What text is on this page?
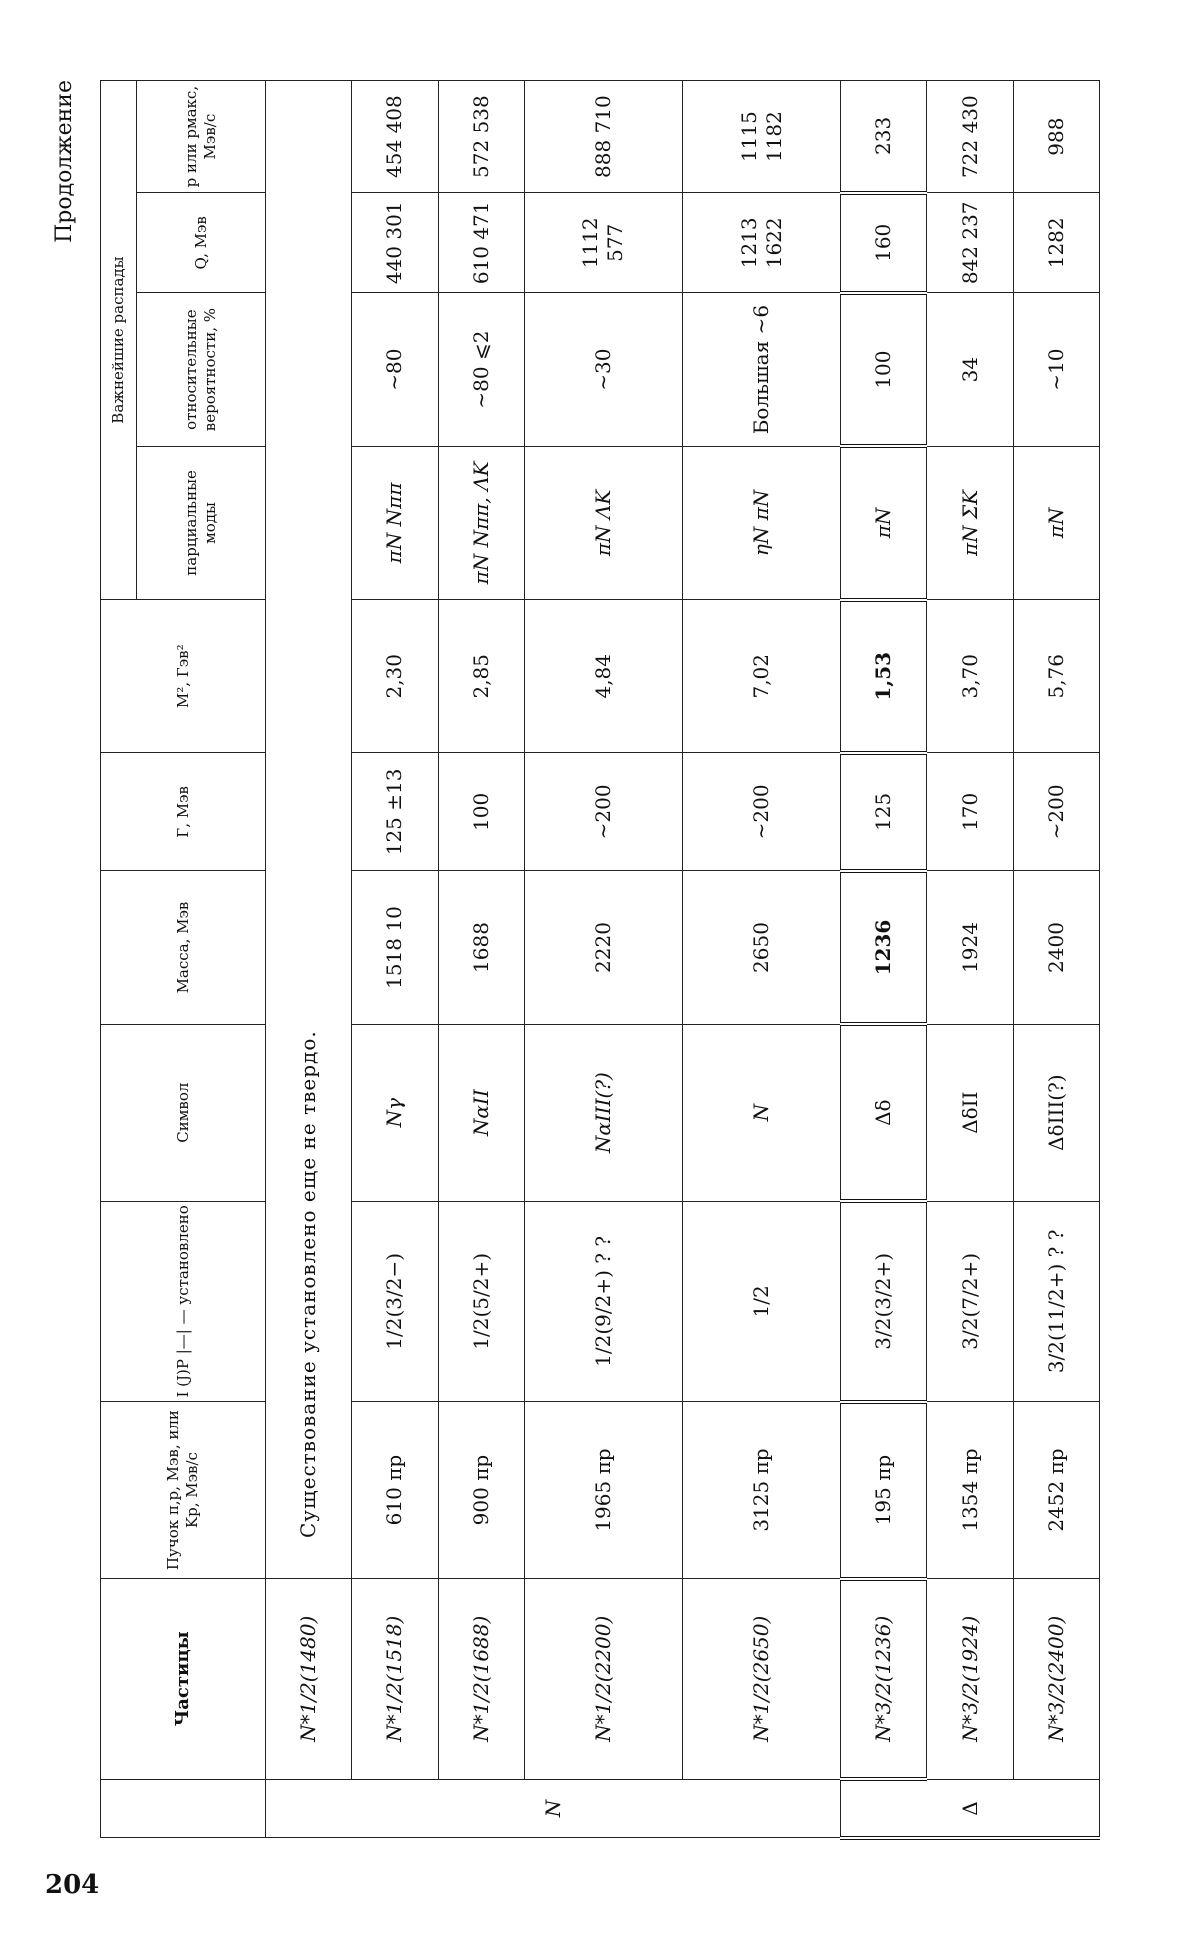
Продолжение
	Частицы	Пучок π,p, Мэв, или Kp, Мэв/с	I (J)P |—| — установлено	Символ	Масса, Мэв	Г, Мэв	M², Гэв²	Важнейшие распады			
								парциальные моды	относительные вероятности, %	Q, Мэв	p или pмакс, Мэв/с
N	N*1/2(1480)	Существование установлено еще не твердо.									
	N*1/2(1518)	610 πp	1/2(3/2−)	Nγ	1518 10	125 ±13	2,30	πN Nππ	∼80	440 301	454 408
	N*1/2(1688)	900 πp	1/2(5/2+)	NαII	1688	100	2,85	πN Nππ, ΛK	∼80 ⩽2	610 471	572 538
	N*1/2(2200)	1965 πp	1/2(9/2+) ? ?	NαIII(?)	2220	∼200	4,84	πN ΛK	∼30	1112 577	888 710
	N*1/2(2650)	3125 πp	1/2	N	2650	∼200	7,02	ηN πN	Большая ∼6	1213 1622	1115 1182
Δ	N*3/2(1236)	195 πp	3/2(3/2+)	Δδ	1236	125	1,53	πN	100	160	233
	N*3/2(1924)	1354 πp	3/2(7/2+)	ΔδII	1924	170	3,70	πN ΣK	34	842 237	722 430
	N*3/2(2400)	2452 πp	3/2(11/2+) ? ?	ΔδIII(?)	2400	∼200	5,76	πN	∼10	1282	988
204
